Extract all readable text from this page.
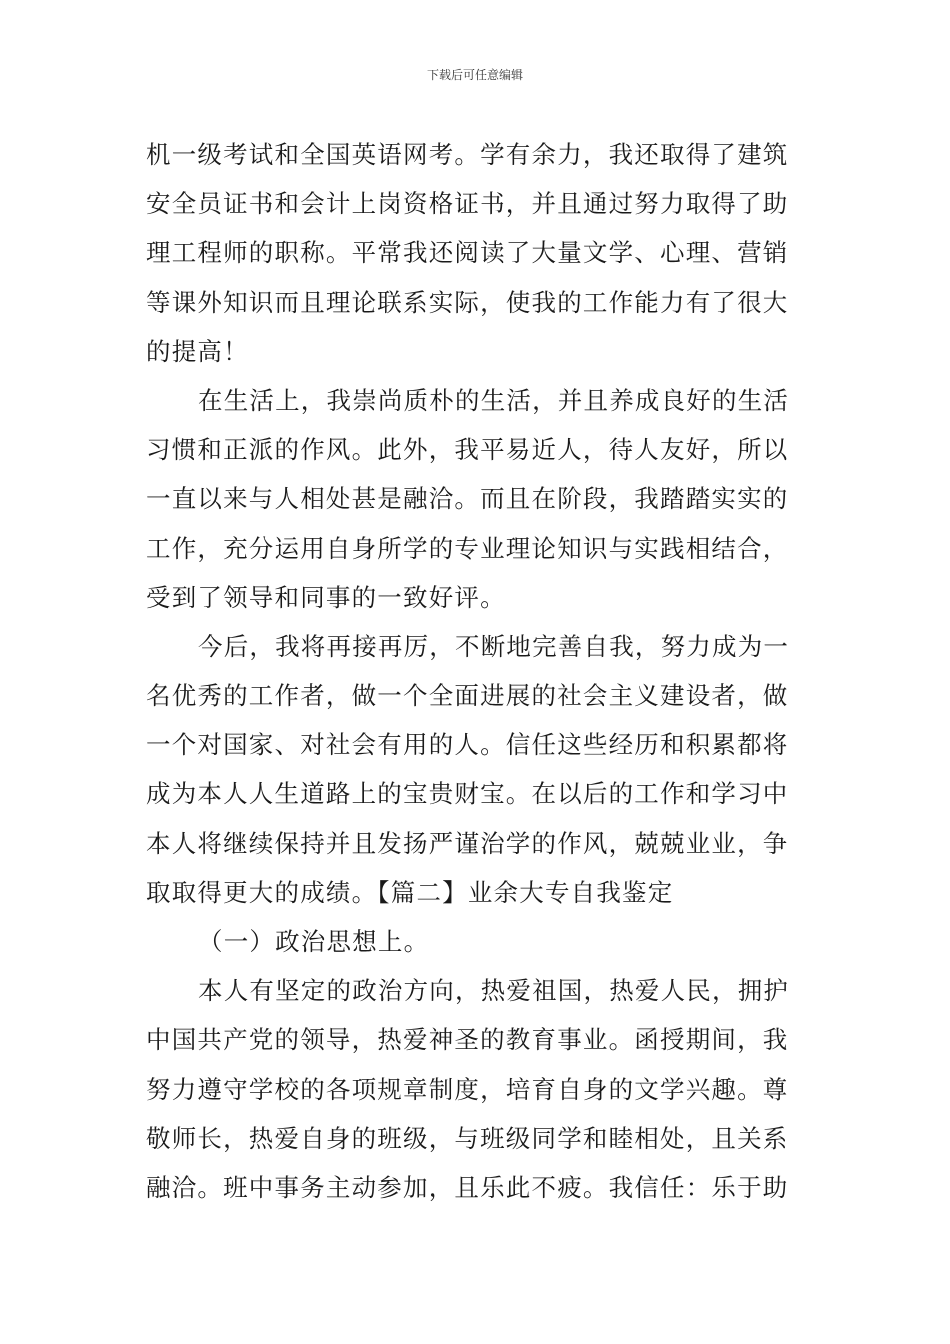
下载后可任意编辑
机一级考试和全国英语网考。学有余力，我还取得了建筑
安全员证书和会计上岗资格证书，并且通过努力取得了助
理工程师的职称。平常我还阅读了大量文学、心理、营销
等课外知识而且理论联系实际，使我的工作能力有了很大
的提高！
在生活上，我崇尚质朴的生活，并且养成良好的生活
习惯和正派的作风。此外，我平易近人，待人友好，所以
一直以来与人相处甚是融洽。而且在阶段，我踏踏实实的
工作，充分运用自身所学的专业理论知识与实践相结合，
受到了领导和同事的一致好评。
今后，我将再接再厉，不断地完善自我，努力成为一
名优秀的工作者，做一个全面进展的社会主义建设者，做
一个对国家、对社会有用的人。信任这些经历和积累都将
成为本人人生道路上的宝贵财宝。在以后的工作和学习中
本人将继续保持并且发扬严谨治学的作风，兢兢业业，争
取取得更大的成绩。【篇二】业余大专自我鉴定
（一）政治思想上。
本人有坚定的政治方向，热爱祖国，热爱人民，拥护
中国共产党的领导，热爱神圣的教育事业。函授期间，我
努力遵守学校的各项规章制度，培育自身的文学兴趣。尊
敬师长，热爱自身的班级，与班级同学和睦相处，且关系
融洽。班中事务主动参加，且乐此不疲。我信任：乐于助
